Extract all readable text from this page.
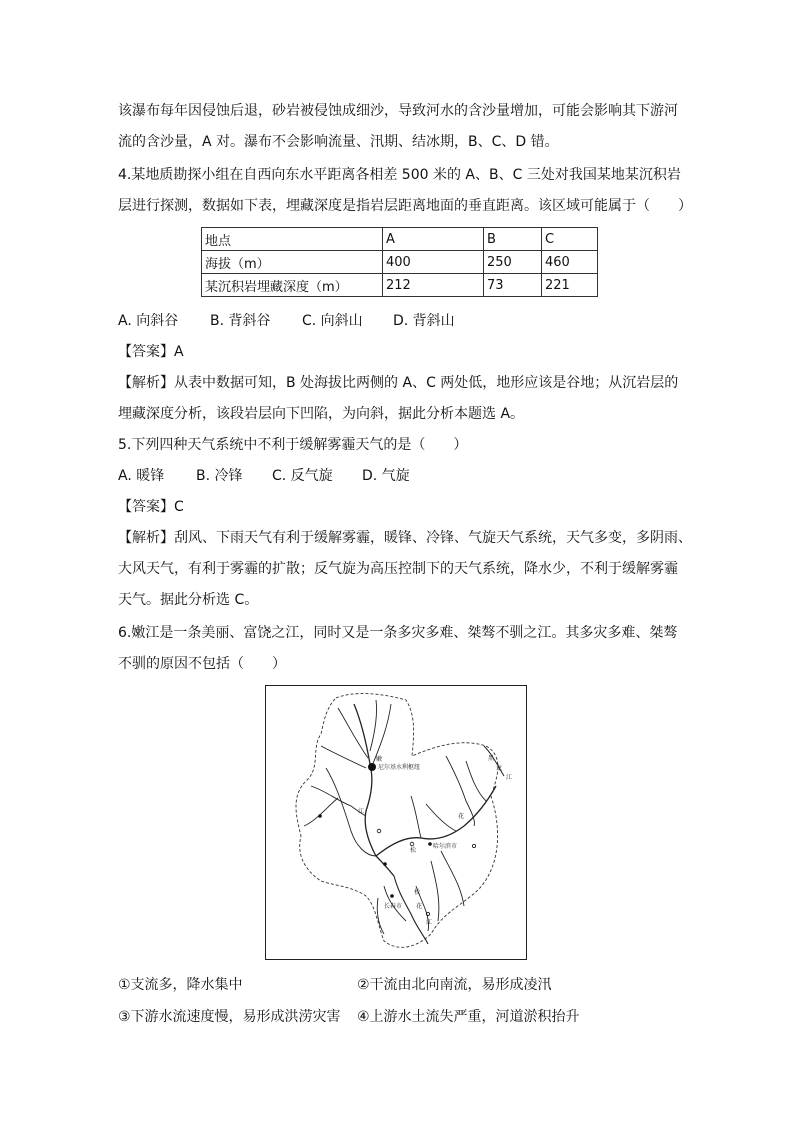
该瀑布每年因侵蚀后退，砂岩被侵蚀成细沙，导致河水的含沙量增加，可能会影响其下游河
流的含沙量，A 对。瀑布不会影响流量、汛期、结冰期，B、C、D 错。
4.某地质勘探小组在自西向东水平距离各相差 500 米的 A、B、C 三处对我国某地某沉积岩
层进行探测，数据如下表，埋藏深度是指岩层距离地面的垂直距离。该区域可能属于（　　）
地点	A	B	C
海拔（m）	400	250	460
某沉积岩埋藏深度（m）	212	73	221
A. 向斜谷 B. 背斜谷 C. 向斜山 D. 背斜山
【答案】A
【解析】从表中数据可知，B 处海拔比两侧的 A、C 两处低，地形应该是谷地；从沉岩层的
埋藏深度分析，该段岩层向下凹陷，为向斜，据此分析本题选 A。
5.下列四种天气系统中不利于缓解雾霾天气的是（　　）
A. 暖锋 B. 冷锋 C. 反气旋 D. 气旋
【答案】C
【解析】刮风、下雨天气有利于缓解雾霾，暖锋、冷锋、气旋天气系统，天气多变，多阴雨、
大风天气，有利于雾霾的扩散；反气旋为高压控制下的天气系统，降水少，不利于缓解雾霾
天气。据此分析选 C。
6.嫩江是一条美丽、富饶之江，同时又是一条多灾多难、桀骜不驯之江。其多灾多难、桀骜
不驯的原因不包括（　　）
嫩
尼尔基水利枢纽
江
黑
龙
江
花
哈尔滨市
松
长春市
松
花
江
①支流多，降水集中	②干流由北向南流，易形成凌汛
③下游水流速度慢，易形成洪涝灾害 ④上游水土流失严重，河道淤积抬升
